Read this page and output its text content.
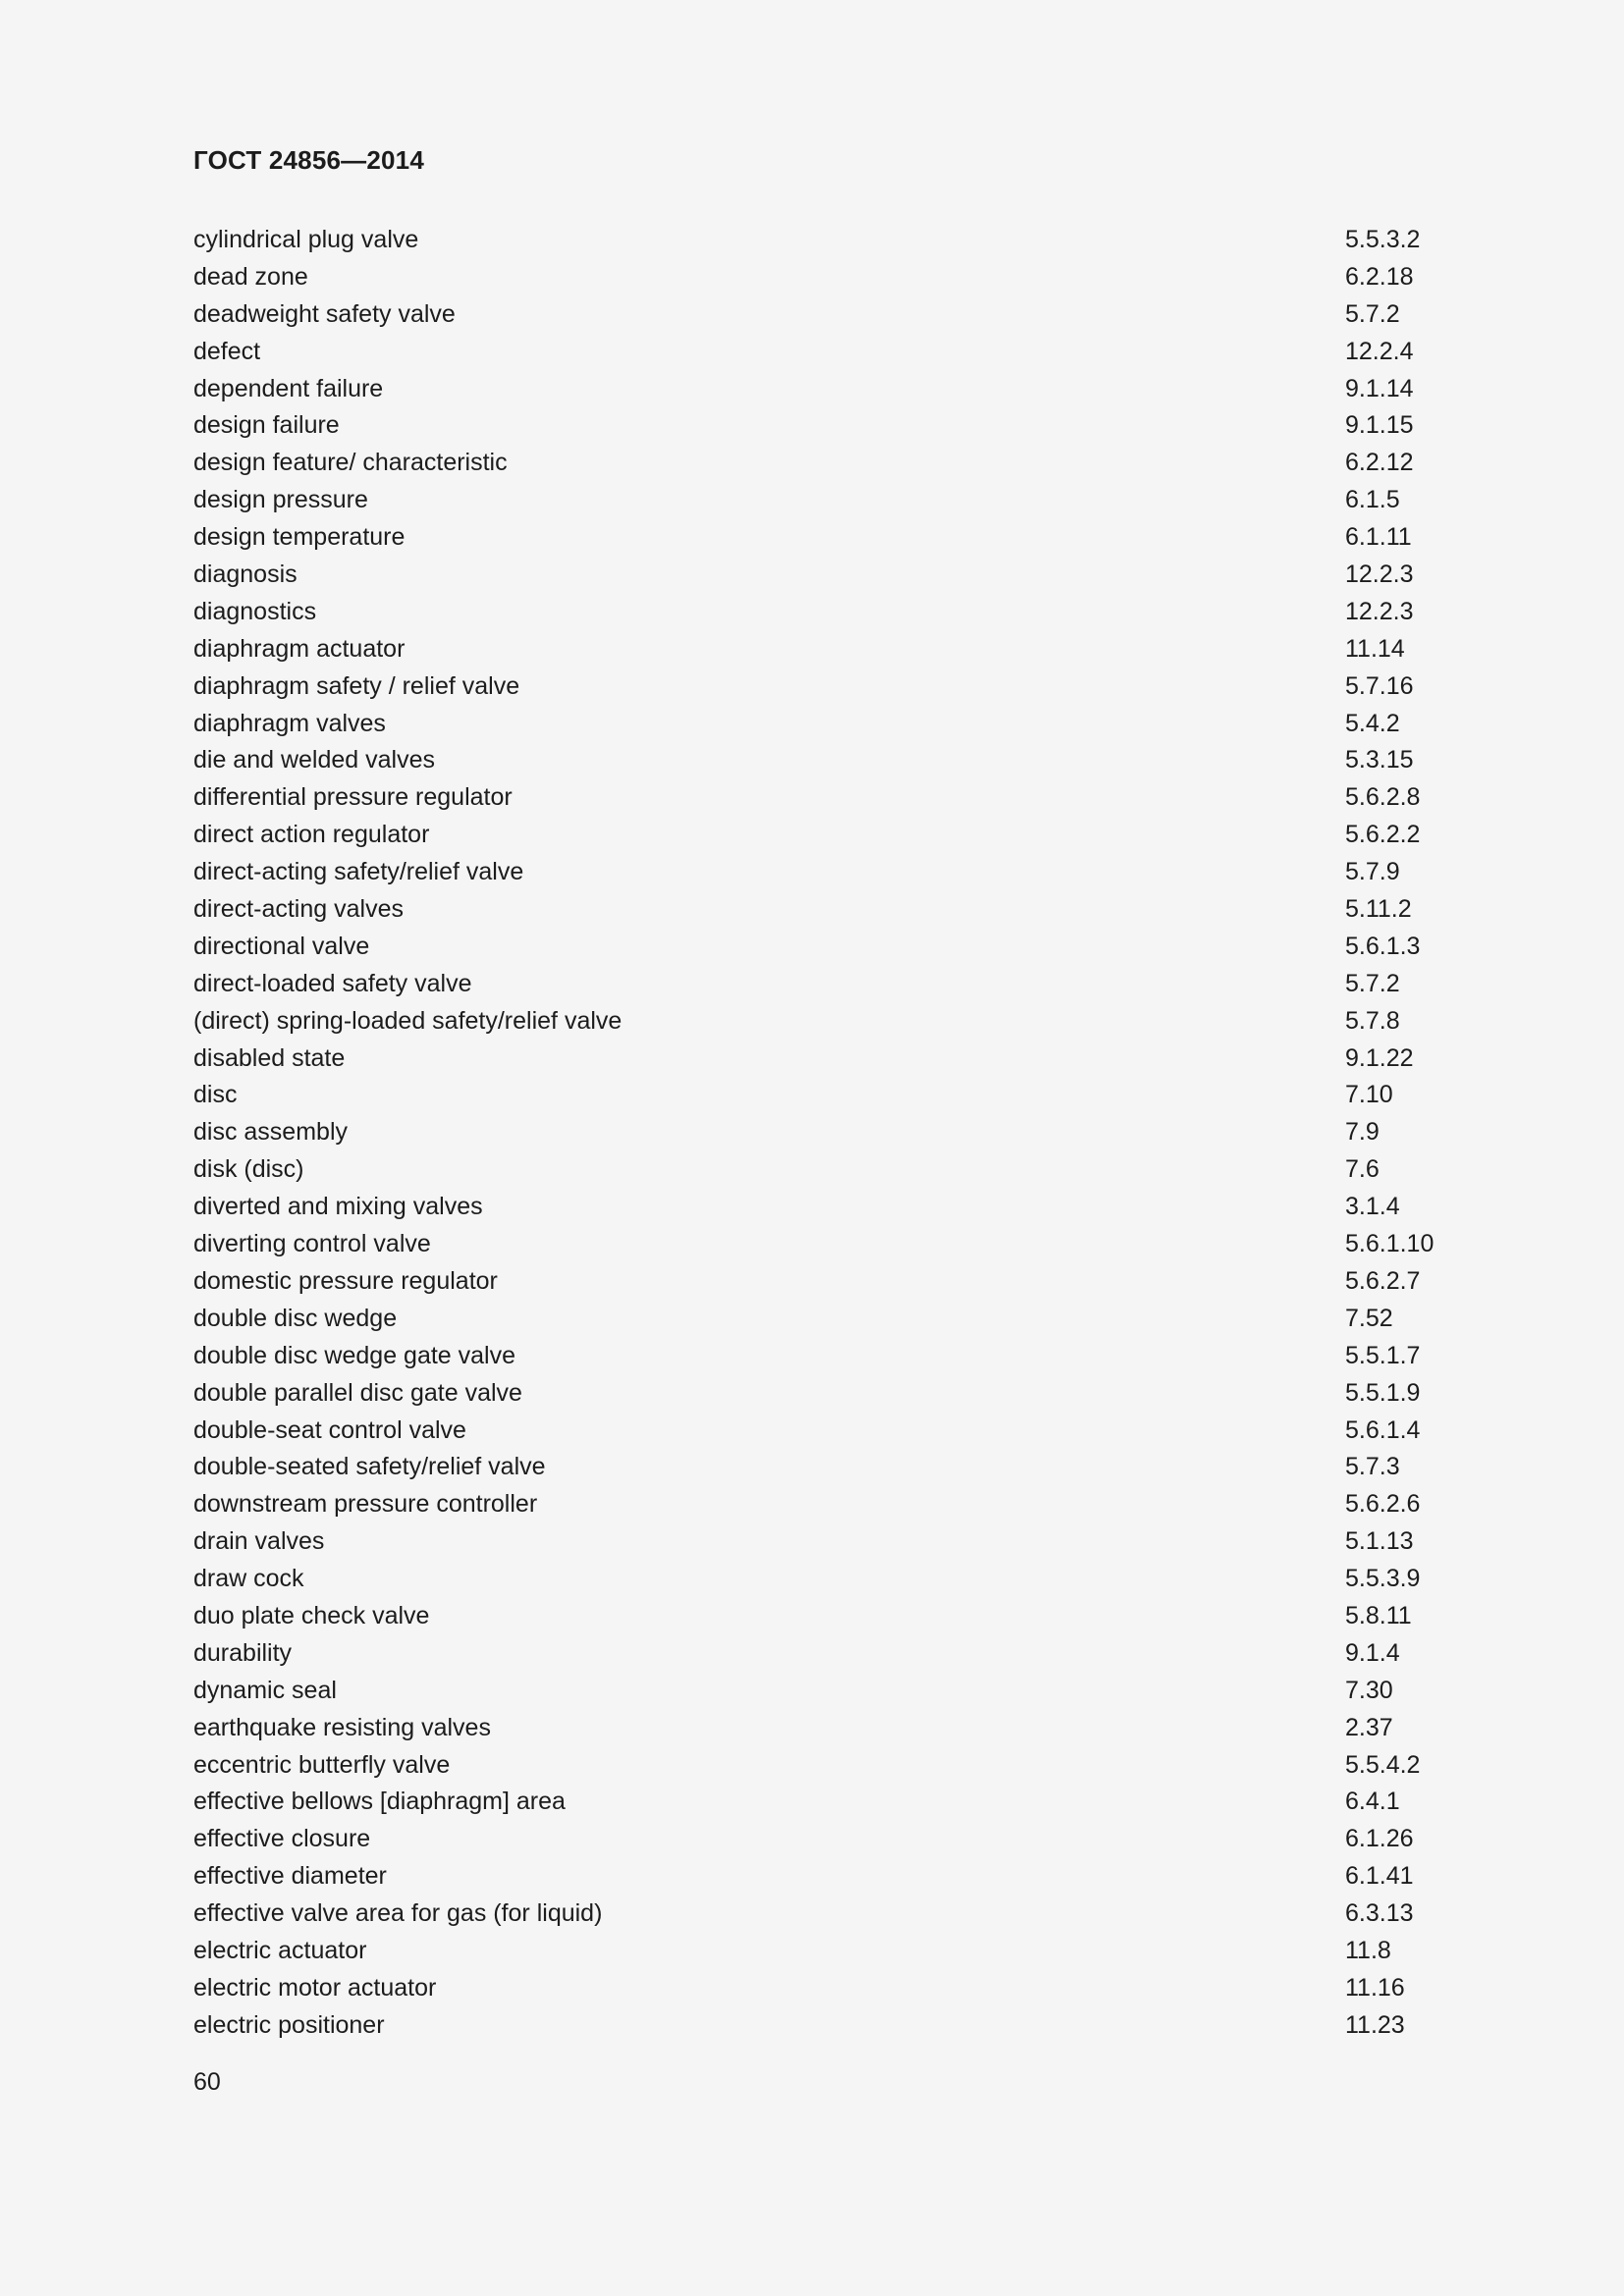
ГОСТ 24856—2014
cylindrical plug valve	5.5.3.2
dead zone	6.2.18
deadweight safety valve	5.7.2
defect	12.2.4
dependent failure	9.1.14
design failure	9.1.15
design feature/ characteristic	6.2.12
design pressure	6.1.5
design temperature	6.1.11
diagnosis	12.2.3
diagnostics	12.2.3
diaphragm actuator	11.14
diaphragm safety / relief valve	5.7.16
diaphragm valves	5.4.2
die and welded valves	5.3.15
differential pressure regulator	5.6.2.8
direct action regulator	5.6.2.2
direct-acting safety/relief valve	5.7.9
direct-acting valves	5.11.2
directional valve	5.6.1.3
direct-loaded safety valve	5.7.2
(direct) spring-loaded safety/relief valve	5.7.8
disabled state	9.1.22
disc	7.10
disc assembly	7.9
disk (disc)	7.6
diverted and mixing valves	3.1.4
diverting control valve	5.6.1.10
domestic pressure regulator	5.6.2.7
double disc wedge	7.52
double disc wedge gate valve	5.5.1.7
double parallel disc gate valve	5.5.1.9
double-seat control valve	5.6.1.4
double-seated safety/relief valve	5.7.3
downstream pressure controller	5.6.2.6
drain valves	5.1.13
draw cock	5.5.3.9
duo plate check valve	5.8.11
durability	9.1.4
dynamic seal	7.30
earthquake resisting valves	2.37
eccentric butterfly valve	5.5.4.2
effective bellows [diaphragm] area	6.4.1
effective closure	6.1.26
effective diameter	6.1.41
effective valve area for gas (for liquid)	6.3.13
electric actuator	11.8
electric motor actuator	11.16
electric positioner	11.23
60
